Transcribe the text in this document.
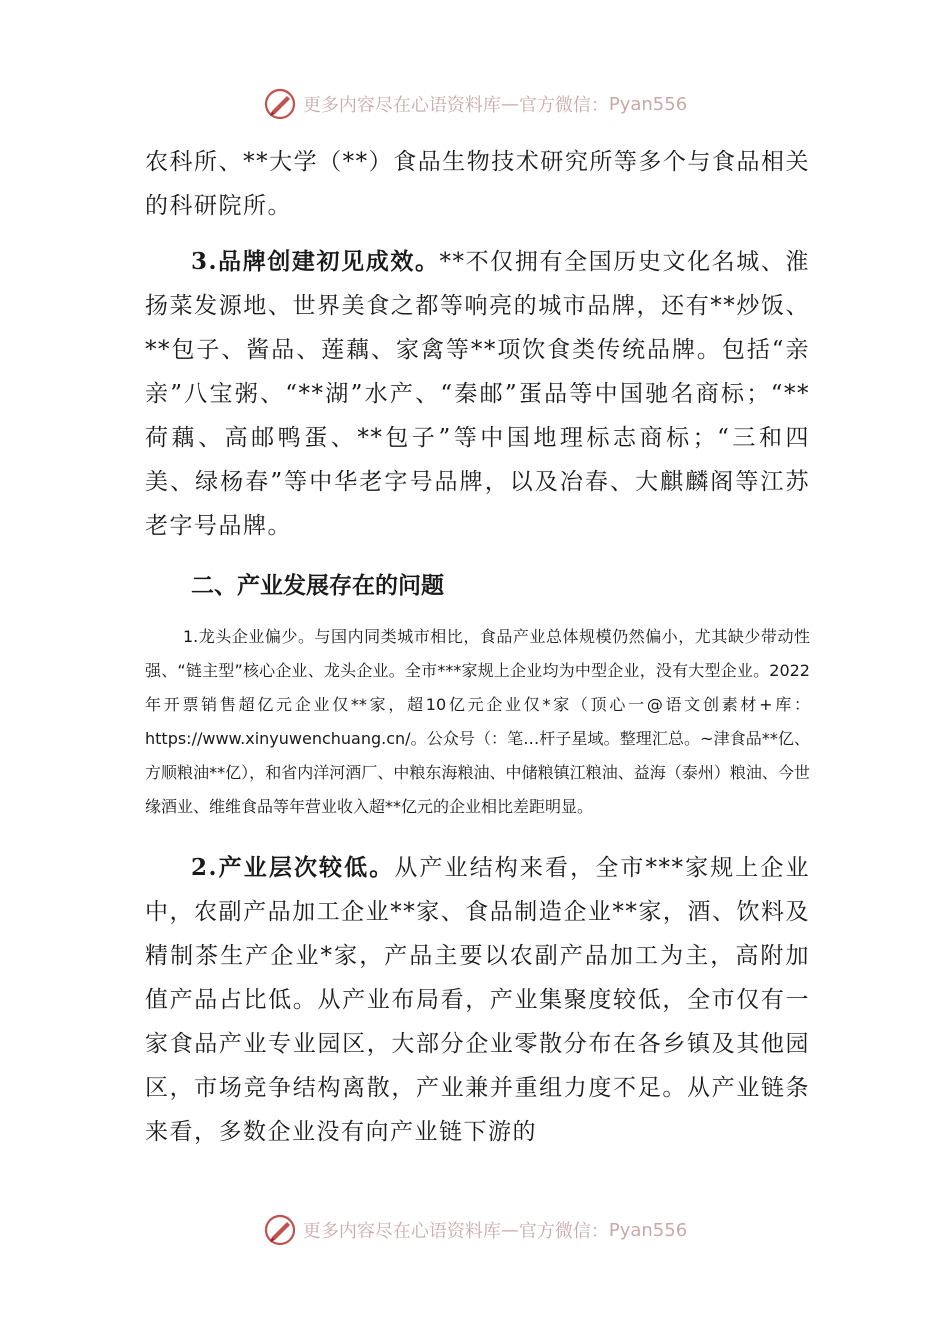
更多内容尽在心语资料库 — 官方微信： Pyan556

农科所、**大学（**）食品生物技术研究所等多个与食品相关的科研院所。

3.品牌创建初见成效。**不仅拥有全国历史文化名城、淮扬菜发源地、世界美食之都等响亮的城市品牌，还有**炒饭、**包子、酱品、莲藕、家禽等**项饮食类传统品牌。包括“亲亲”八宝粥、“**湖”水产、“秦邮”蛋品等中国驰名商标；“**荷藕、高邮鸭蛋、**包子”等中国地理标志商标；“三和四美、绿杨春”等中华老字号品牌，以及冶春、大麒麟阁等江苏老字号品牌。

二、产业发展存在的问题

1.龙头企业偏少。与国内同类城市相比，食品产业总体规模仍然偏小，尤其缺少带动性强、“链主型”核心企业、龙头企业。全市***家规上企业均为中型企业，没有大型企业。2022年开票销售超亿元企业仅**家，超10亿元企业仅*家（顶心一@语文创素材+库：https://www.xinyuwenchuang.cn/。公众号（：笔…杆子星域。整理汇总。~津食品**亿、方顺粮油**亿），和省内洋河酒厂、中粮东海粮油、中储粮镇江粮油、益海（泰州）粮油、今世缘酒业、维维食品等年营业收入超**亿元的企业相比差距明显。

2.产业层次较低。从产业结构来看，全市***家规上企业中，农副产品加工企业**家、食品制造企业**家，酒、饮料及精制茶生产企业*家，产品主要以农副产品加工为主，高附加值产品占比低。从产业布局看，产业集聚度较低，全市仅有一家食品产业专业园区，大部分企业零散分布在各乡镇及其他园区，市场竞争结构离散，产业兼并重组力度不足。从产业链条来看，多数企业没有向产业链下游的

更多内容尽在心语资料库 — 官方微信： Pyan556
